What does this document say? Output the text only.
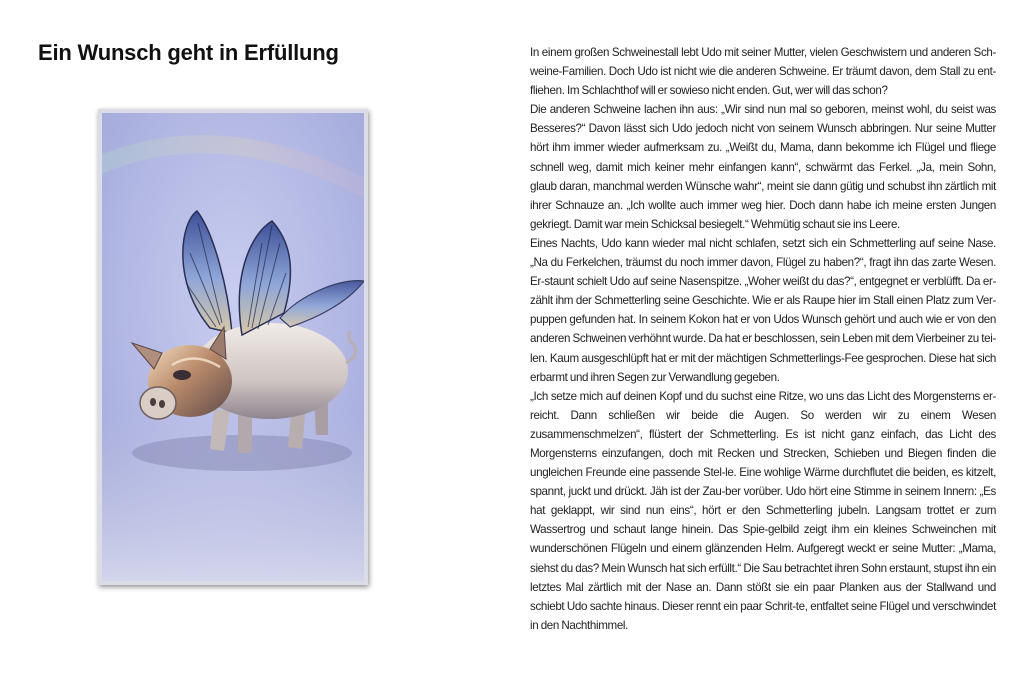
Ein Wunsch geht in Erfüllung	In einem großen Schweinestall lebt Udo mit seiner Mutter, vielen Geschwistern und anderen Sch-weine-Familien. Doch Udo ist nicht wie die anderen Schweine. Er träumt davon, dem Stall zu ent-fliehen. Im Schlachthof will er sowieso nicht enden. Gut, wer will das schon?

Die anderen Schweine lachen ihn aus: „Wir sind nun mal so geboren, meinst wohl, du seist was Besseres?“ Davon lässt sich Udo jedoch nicht von seinem Wunsch abbringen. Nur seine Mutter hört ihm immer wieder aufmerksam zu. „Weißt du, Mama, dann bekomme ich Flügel und fliege schnell weg, damit mich keiner mehr einfangen kann“, schwärmt das Ferkel. „Ja, mein Sohn, glaub daran, manchmal werden Wünsche wahr“, meint sie dann gütig und schubst ihn zärtlich mit ihrer Schnauze an. „Ich wollte auch immer weg hier. Doch dann habe ich meine ersten Jungen gekriegt. Damit war mein Schicksal besiegelt.“ Wehmütig schaut sie ins Leere.

Eines Nachts, Udo kann wieder mal nicht schlafen, setzt sich ein Schmetterling auf seine Nase. „Na du Ferkelchen, träumst du noch immer davon, Flügel zu haben?“, fragt ihn das zarte Wesen. Er-staunt schielt Udo auf seine Nasenspitze. „Woher weißt du das?“, entgegnet er verblüfft. Da er-zählt ihm der Schmetterling seine Geschichte. Wie er als Raupe hier im Stall einen Platz zum Ver-puppen gefunden hat. In seinem Kokon hat er von Udos Wunsch gehört und auch wie er von den anderen Schweinen verhöhnt wurde. Da hat er beschlossen, sein Leben mit dem Vierbeiner zu tei-len. Kaum ausgeschlüpft hat er mit der mächtigen Schmetterlings-Fee gesprochen. Diese hat sich erbarmt und ihren Segen zur Verwandlung gegeben.

„Ich setze mich auf deinen Kopf und du suchst eine Ritze, wo uns das Licht des Morgensterns er-reicht. Dann schließen wir beide die Augen. So werden wir zu einem Wesen zusammenschmelzen“, flüstert der Schmetterling. Es ist nicht ganz einfach, das Licht des Morgensterns einzufangen, doch mit Recken und Strecken, Schieben und Biegen finden die ungleichen Freunde eine passende Stel-le. Eine wohlige Wärme durchflutet die beiden, es kitzelt, spannt, juckt und drückt. Jäh ist der Zau-ber vorüber. Udo hört eine Stimme in seinem Innern: „Es hat geklappt, wir sind nun eins“, hört er den Schmetterling jubeln. Langsam trottet er zum Wassertrog und schaut lange hinein. Das Spie-gelbild zeigt ihm ein kleines Schweinchen mit wunderschönen Flügeln und einem glänzenden Helm. Aufgeregt weckt er seine Mutter: „Mama, siehst du das? Mein Wunsch hat sich erfüllt.“ Die Sau betrachtet ihren Sohn erstaunt, stupst ihn ein letztes Mal zärtlich mit der Nase an. Dann stößt sie ein paar Planken aus der Stallwand und schiebt Udo sachte hinaus. Dieser rennt ein paar Schrit-te, entfaltet seine Flügel und verschwindet in den Nachthimmel.
